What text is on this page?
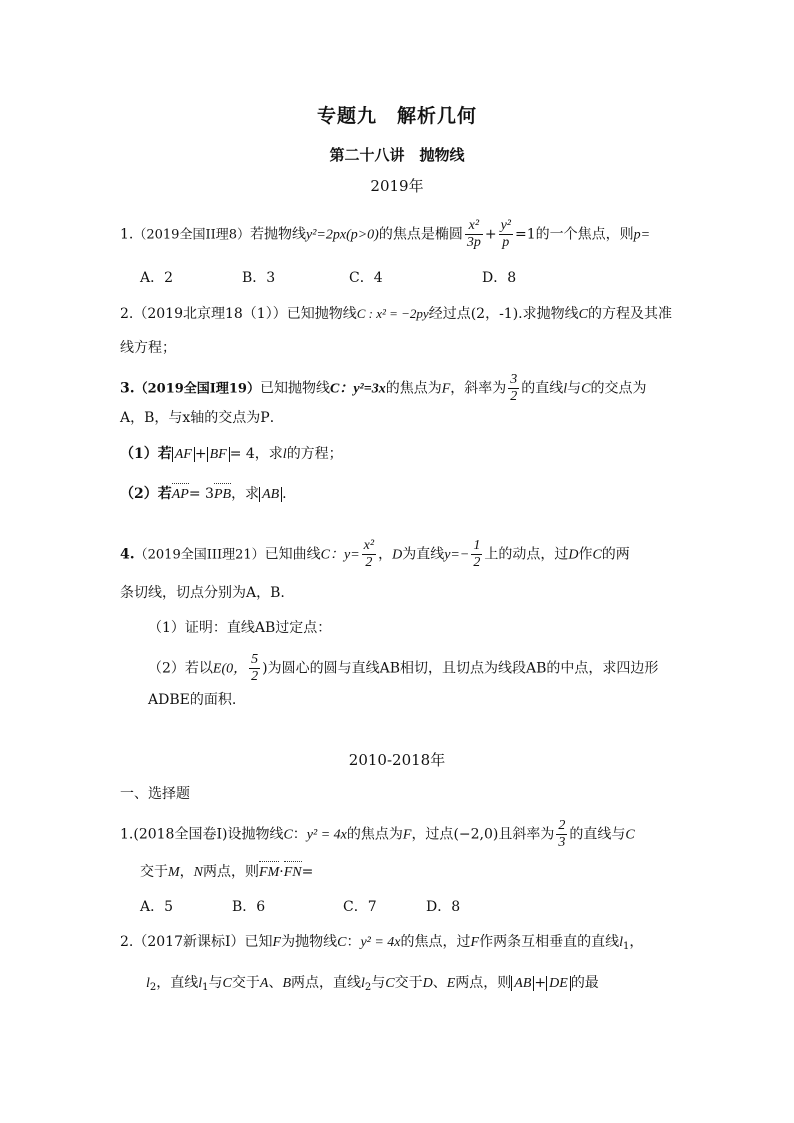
专题九　解析几何
第二十八讲　抛物线
2019年
1.（2019全国II理8）若抛物线y²=2px(p>0)的焦点是椭圆 $\frac{\text{x²}}{3p} + \frac{\text{y²}}{p} =1$的一个焦点，则p=
A．2	B．3	C．4	D．8
2.（2019北京理18（1））已知抛物线C : x² = −2py经过点(2，-1).求抛物线C的方程及其准
线方程；
3.（2019全国I理19）已知抛物线C：y²=3x的焦点为F，斜率为 $\frac{3}{2}$ 的直线l与C的交点为
A，B，与x轴的交点为P．
（1）若 AF + BF = 4，求l的方程；
（2）若AP= 3PB，求 AB .
4.（2019全国III理21）已知曲线C：$y= \frac{\text{x²}}{2}$ ，D为直线$y=- \frac{1}{2}$ 上的动点，过D作C的两
条切线，切点分别为A，B.
（1）证明：直线AB过定点：
（2）若以E(0， $\frac{5}{2}$ )为圆心的圆与直线AB相切，且切点为线段AB的中点，求四边形
ADBE的面积.
2010-2018年
一、选择题
1.(2018全国卷Ⅰ)设抛物线C：y² = 4x的焦点为F，过点(−2,0)且斜率为 $\frac{2}{3}$ 的直线与C
交于M，N两点，则FM·FN=
A．5	B．6	C．7	D．8
2.（2017新课标Ⅰ）已知F为抛物线C：y² = 4x的焦点，过F作两条互相垂直的直线$l_1$，
$l_2$，直线$l_1$与C交于A、B两点，直线$l_2$与C交于D、E两点，则 AB + DE 的最
